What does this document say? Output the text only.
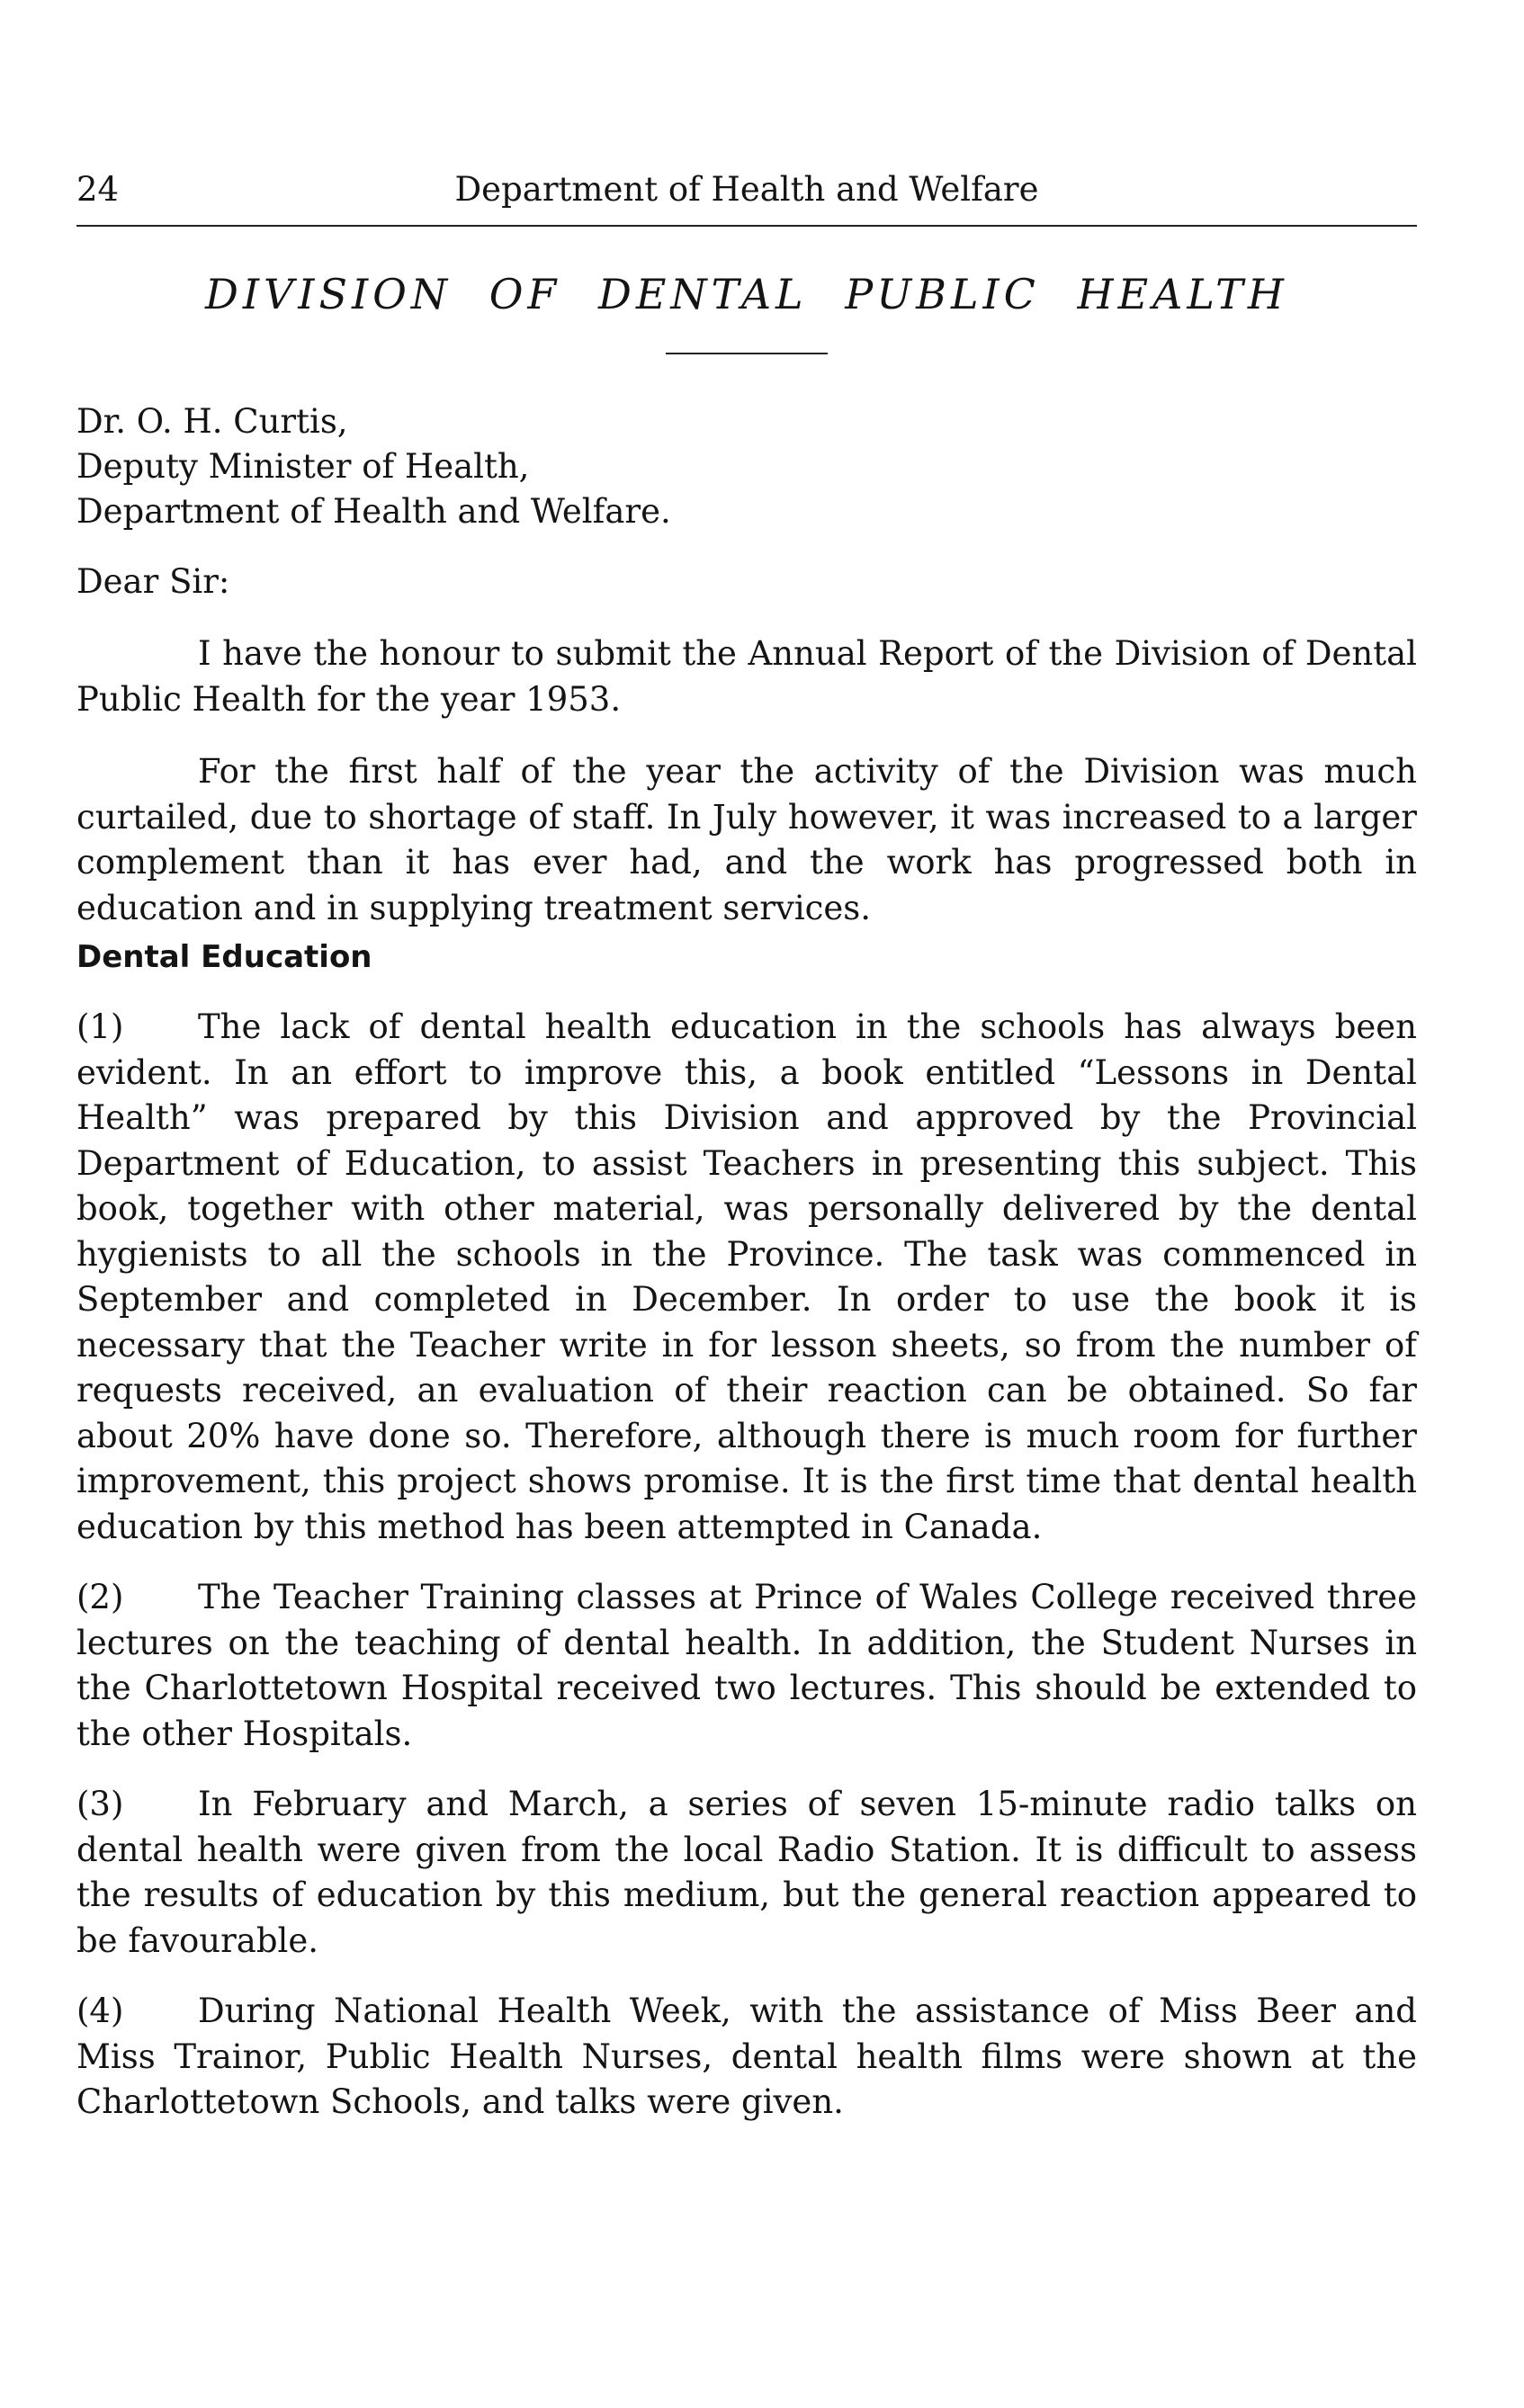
24	Department of Health and Welfare
DIVISION OF DENTAL PUBLIC HEALTH
Dr. O. H. Curtis,
Deputy Minister of Health,
Department of Health and Welfare.
Dear Sir:

I have the honour to submit the Annual Report of the Division of Dental Public Health for the year 1953.

For the first half of the year the activity of the Division was much curtailed, due to shortage of staff. In July however, it was increased to a larger complement than it has ever had, and the work has progressed both in education and in supplying treatment services.

Dental Education

(1) The lack of dental health education in the schools has always been evident. In an effort to improve this, a book entitled “Lessons in Dental Health” was prepared by this Division and approved by the Provincial Department of Education, to assist Teachers in presenting this subject. This book, together with other material, was personally delivered by the dental hygienists to all the schools in the Province. The task was commenced in September and completed in December. In order to use the book it is necessary that the Teacher write in for lesson sheets, so from the number of requests received, an evaluation of their reaction can be obtained. So far about 20% have done so. Therefore, although there is much room for further improvement, this project shows promise. It is the first time that dental health education by this method has been attempted in Canada.

(2) The Teacher Training classes at Prince of Wales College received three lectures on the teaching of dental health. In addition, the Student Nurses in the Charlottetown Hospital received two lectures. This should be extended to the other Hospitals.

(3) In February and March, a series of seven 15-minute radio talks on dental health were given from the local Radio Station. It is difficult to assess the results of education by this medium, but the general reaction appeared to be favourable.

(4) During National Health Week, with the assistance of Miss Beer and Miss Trainor, Public Health Nurses, dental health films were shown at the Charlottetown Schools, and talks were given.
